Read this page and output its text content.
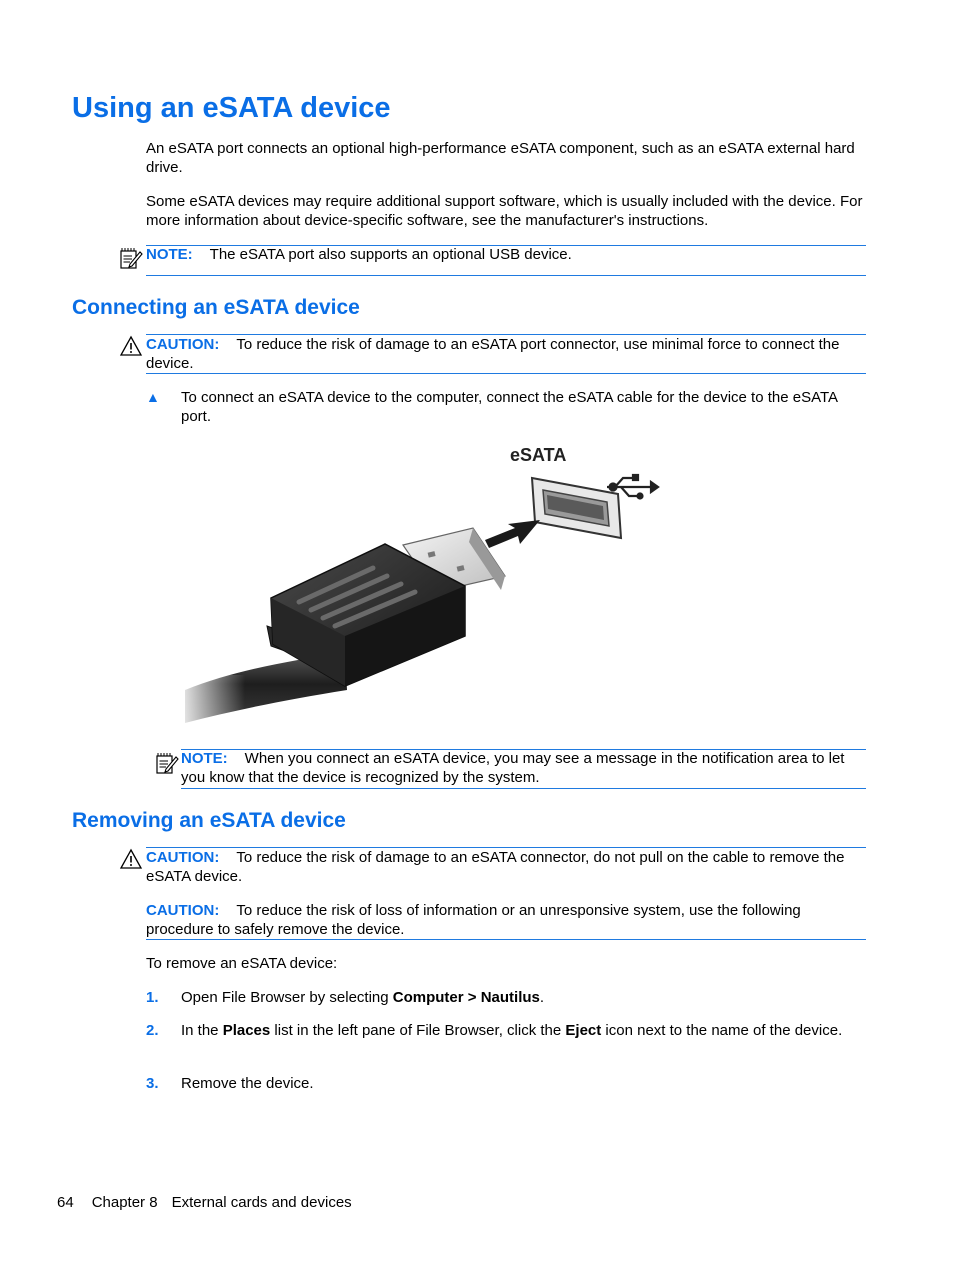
Using an eSATA device
An eSATA port connects an optional high-performance eSATA component, such as an eSATA external hard drive.
Some eSATA devices may require additional support software, which is usually included with the device. For more information about device-specific software, see the manufacturer's instructions.
NOTE: The eSATA port also supports an optional USB device.
Connecting an eSATA device
CAUTION: To reduce the risk of damage to an eSATA port connector, use minimal force to connect the device.
▲ To connect an eSATA device to the computer, connect the eSATA cable for the device to the eSATA port.
eSATA
NOTE: When you connect an eSATA device, you may see a message in the notification area to let you know that the device is recognized by the system.
Removing an eSATA device
CAUTION: To reduce the risk of damage to an eSATA connector, do not pull on the cable to remove the eSATA device.
CAUTION: To reduce the risk of loss of information or an unresponsive system, use the following procedure to safely remove the device.
To remove an eSATA device:
1. Open File Browser by selecting Computer > Nautilus.
2. In the Places list in the left pane of File Browser, click the Eject icon next to the name of the device.
3. Remove the device.
64 Chapter 8 External cards and devices
